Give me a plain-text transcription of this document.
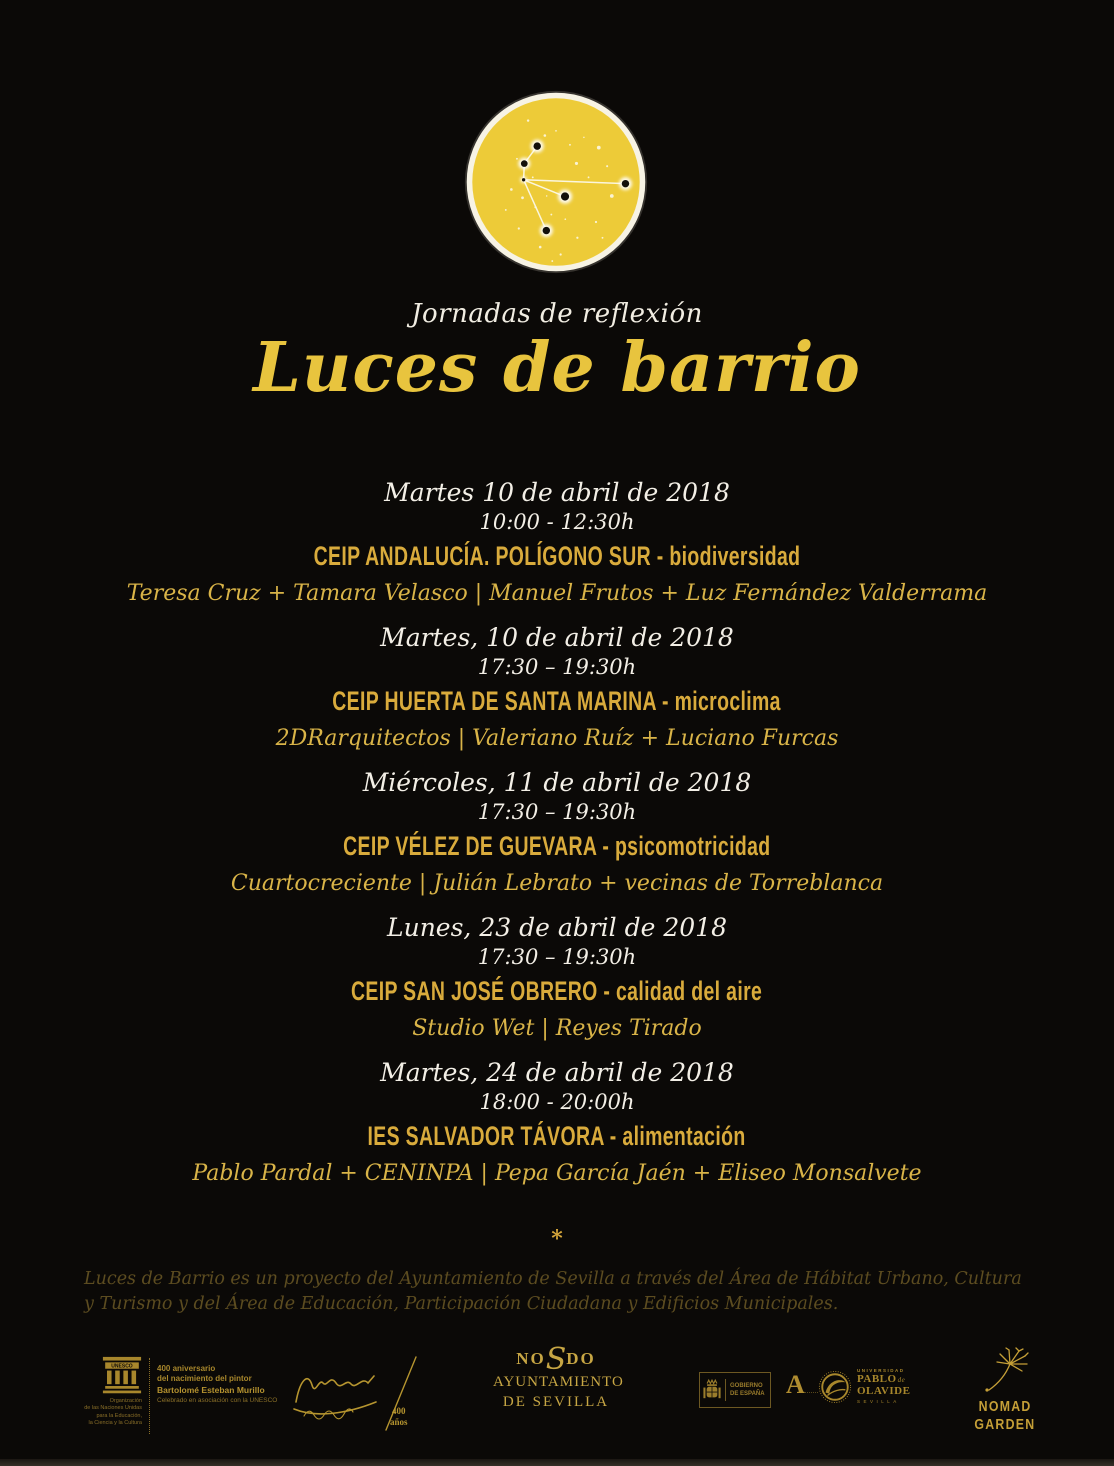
Jornadas de reflexión
Luces de barrio
Martes 10 de abril de 2018
10:00 - 12:30h
CEIP ANDALUCÍA. POLÍGONO SUR - biodiversidad
Teresa Cruz + Tamara Velasco | Manuel Frutos + Luz Fernández Valderrama
Martes, 10 de abril de 2018
17:30 – 19:30h
CEIP HUERTA DE SANTA MARINA - microclima
2DRarquitectos | Valeriano Ruíz + Luciano Furcas
Miércoles, 11 de abril de 2018
17:30 – 19:30h
CEIP VÉLEZ DE GUEVARA - psicomotricidad
Cuartocreciente | Julián Lebrato + vecinas de Torreblanca
Lunes, 23 de abril de 2018
17:30 – 19:30h
CEIP SAN JOSÉ OBRERO - calidad del aire
Studio Wet | Reyes Tirado
Martes, 24 de abril de 2018
18:00 - 20:00h
IES SALVADOR TÁVORA - alimentación
Pablo Pardal + CENINPA | Pepa García Jaén + Eliseo Monsalvete
*

Luces de Barrio es un proyecto del Ayuntamiento de Sevilla a través del Área de Hábitat Urbano, Cultura y Turismo y del Área de Educación, Participación Ciudadana y Edificios Municipales.

UNESCO
Organización
de las Naciones Unidas
para la Educación,
la Ciencia y la Cultura
400 aniversario
del nacimiento del pintor
Bartolomé Esteban Murillo
Celebrado en asociación con la UNESCO
400
años
NOSDO
AYUNTAMIENTO
DE SEVILLA
GOBIERNO
DE ESPAÑA A	UNIVERSIDAD
PABLOde
OLAVIDE
SEVILLA	NOMAD
GARDEN
